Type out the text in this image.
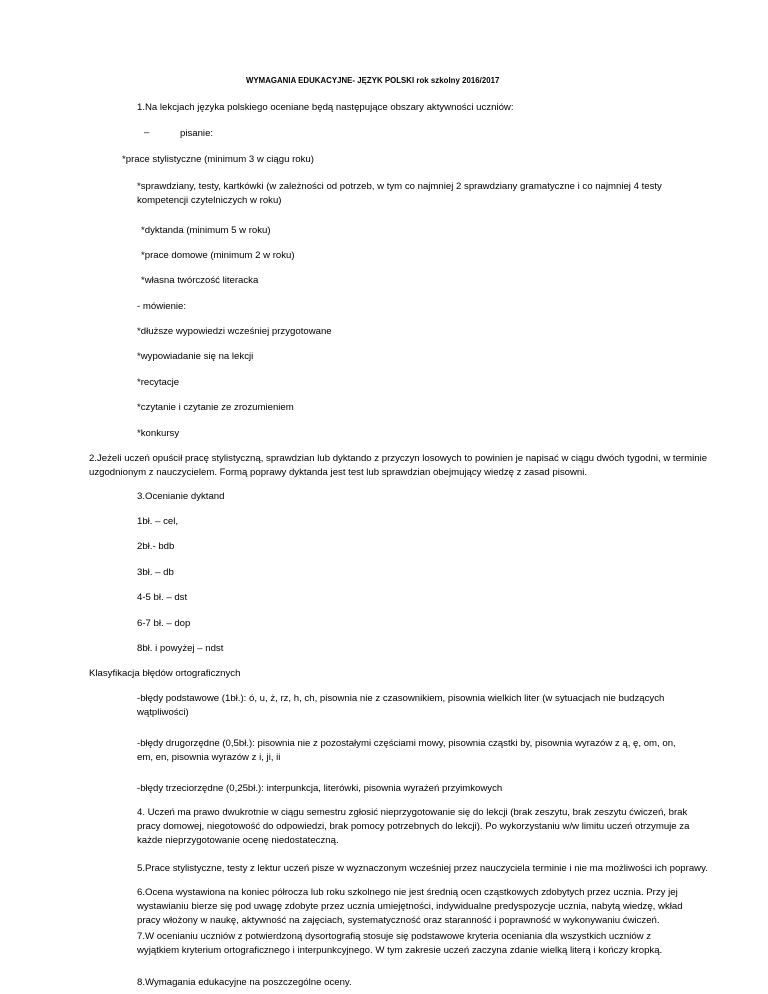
WYMAGANIA EDUKACYJNE- JĘZYK POLSKI rok szkolny 2016/2017
1.Na lekcjach języka polskiego oceniane będą następujące obszary aktywności uczniów:
–	pisanie:
*prace stylistyczne (minimum 3 w ciągu roku)
*sprawdziany, testy, kartkówki (w zależności od potrzeb, w tym co najmniej 2 sprawdziany gramatyczne i co najmniej 4 testy kompetencji czytelniczych w roku)
*dyktanda (minimum 5 w roku)
*prace domowe (minimum 2 w roku)
*własna twórczość literacka
- mówienie:
*dłuższe wypowiedzi wcześniej przygotowane
*wypowiadanie się na lekcji
*recytacje
*czytanie i czytanie ze zrozumieniem
*konkursy
2.Jeżeli uczeń opuścił pracę stylistyczną, sprawdzian lub dyktando z przyczyn losowych to powinien je napisać w ciągu dwóch tygodni, w terminie uzgodnionym z nauczycielem. Formą poprawy dyktanda jest test lub sprawdzian obejmujący wiedzę z zasad pisowni.
3.Ocenianie dyktand
1bł. – cel,
2bł.- bdb
3bł. – db
4-5 bł. – dst
6-7 bł. – dop
8bł. i powyżej – ndst
Klasyfikacja błędów ortograficznych
-błędy podstawowe (1bł.): ó, u, ż, rz, h, ch, pisownia nie z czasownikiem, pisownia wielkich liter (w sytuacjach nie budzących wątpliwości)
-błędy drugorzędne (0,5bł.): pisownia nie z pozostałymi częściami mowy, pisownia cząstki by, pisownia wyrazów z ą, ę, om, on, em, en, pisownia wyrazów z i, ji, ii
-błędy trzeciorzędne (0,25bł.): interpunkcja, literówki, pisownia wyrażeń przyimkowych
4. Uczeń ma prawo dwukrotnie w ciągu semestru zgłosić nieprzygotowanie się do lekcji (brak zeszytu, brak zeszytu ćwiczeń, brak pracy domowej, niegotowość do odpowiedzi, brak pomocy potrzebnych do lekcji). Po wykorzystaniu w/w limitu uczeń otrzymuje za każde nieprzygotowanie ocenę niedostateczną.
5.Prace stylistyczne, testy z lektur uczeń pisze w wyznaczonym wcześniej przez nauczyciela terminie i nie ma możliwości ich poprawy.
6.Ocena wystawiona na koniec półrocza lub roku szkolnego nie jest średnią ocen cząstkowych zdobytych przez ucznia. Przy jej wystawianiu bierze się pod uwagę zdobyte przez ucznia umiejętności, indywidualne predyspozycje ucznia, nabytą wiedzę, wkład pracy włożony w naukę, aktywność na zajęciach, systematyczność oraz staranność i poprawność w wykonywaniu ćwiczeń.
7.W ocenianiu uczniów z potwierdzoną dysortografią stosuje się podstawowe kryteria oceniania dla wszystkich uczniów z wyjątkiem kryterium ortograficznego i interpunkcyjnego. W tym zakresie uczeń zaczyna zdanie wielką literą i kończy kropką.
8.Wymagania edukacyjne na poszczególne oceny.
